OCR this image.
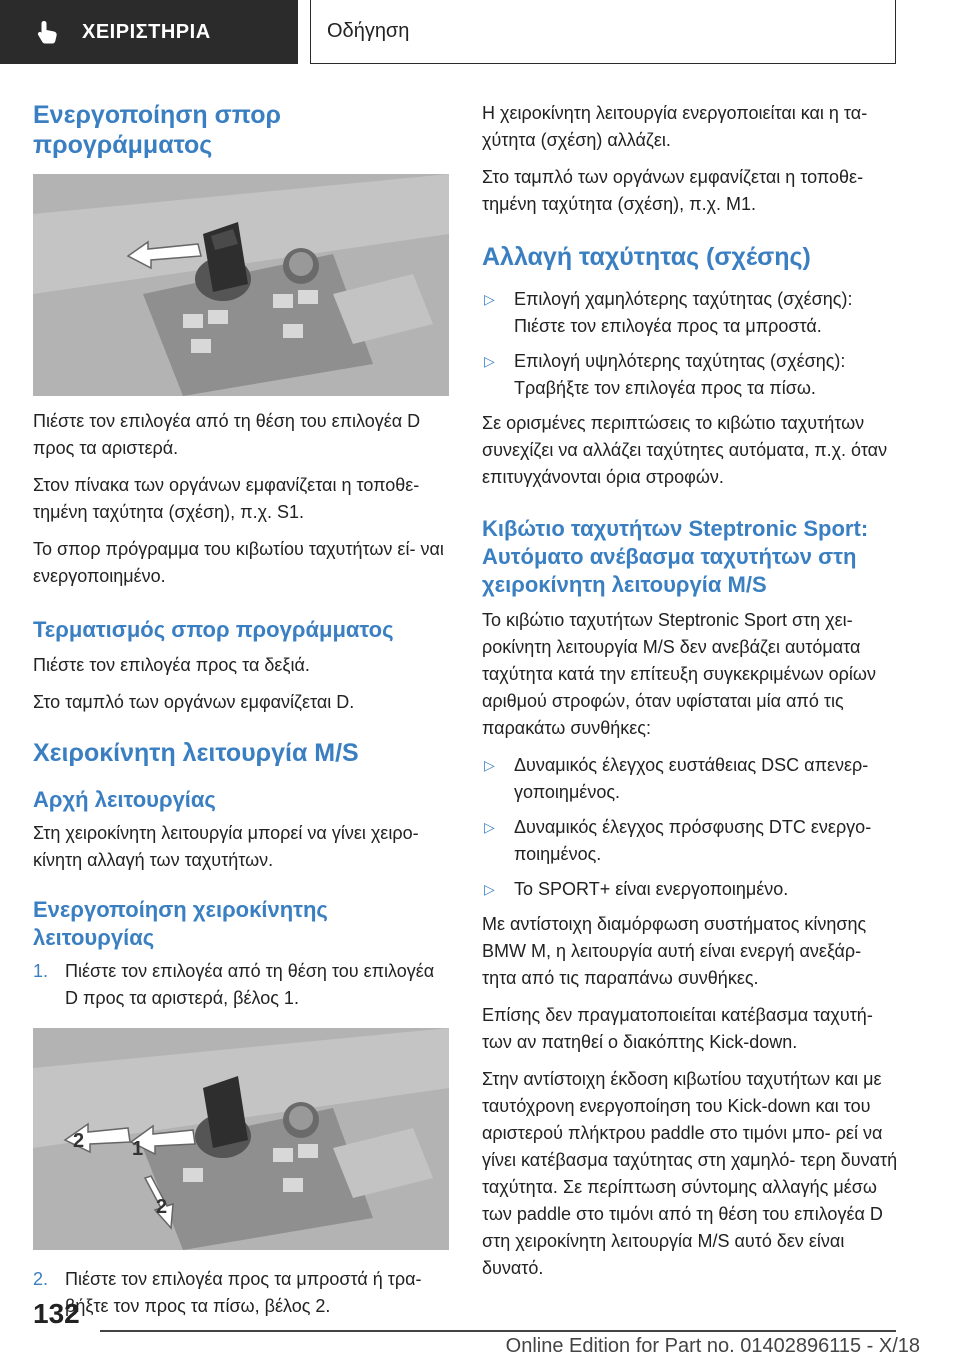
ΧΕΙΡΙΣΤΗΡΙΑ	Οδήγηση
Ενεργοποίηση σπορ προγράμματος

Πιέστε τον επιλογέα από τη θέση του επιλογέα D προς τα αριστερά.

Στον πίνακα των οργάνων εμφανίζεται η τοποθε- τημένη ταχύτητα (σχέση), π.χ. S1.

Το σπορ πρόγραμμα του κιβωτίου ταχυτήτων εί- ναι ενεργοποιημένο.

Τερματισμός σπορ προγράμματος

Πιέστε τον επιλογέα προς τα δεξιά.

Στο ταμπλό των οργάνων εμφανίζεται D.

Χειροκίνητη λειτουργία M/S
Αρχή λειτουργίας

Στη χειροκίνητη λειτουργία μπορεί να γίνει χειρο- κίνητη αλλαγή των ταχυτήτων.

Ενεργοποίηση χειροκίνητης λειτουργίας
1. Πιέστε τον επιλογέα από τη θέση του επιλογέα D προς τα αριστερά, βέλος 1.
1
2
2
2. Πιέστε τον επιλογέα προς τα μπροστά ή τρα- βήξτε τον προς τα πίσω, βέλος 2.

Η χειροκίνητη λειτουργία ενεργοποιείται και η τα- χύτητα (σχέση) αλλάζει.

Στο ταμπλό των οργάνων εμφανίζεται η τοποθε- τημένη ταχύτητα (σχέση), π.χ. M1.

Αλλαγή ταχύτητας (σχέσης)
▷ Επιλογή χαμηλότερης ταχύτητας (σχέσης): Πιέστε τον επιλογέα προς τα μπροστά.
▷ Επιλογή υψηλότερης ταχύτητας (σχέσης): Τραβήξτε τον επιλογέα προς τα πίσω.

Σε ορισμένες περιπτώσεις το κιβώτιο ταχυτήτων συνεχίζει να αλλάζει ταχύτητες αυτόματα, π.χ. όταν επιτυγχάνονται όρια στροφών.

Κιβώτιο ταχυτήτων Steptronic Sport: Αυτόματο ανέβασμα ταχυτήτων στη χειροκίνητη λειτουργία M/S

Το κιβώτιο ταχυτήτων Steptronic Sport στη χει- ροκίνητη λειτουργία M/S δεν ανεβάζει αυτόματα ταχύτητα κατά την επίτευξη συγκεκριμένων ορίων αριθμού στροφών, όταν υφίσταται μία από τις παρακάτω συνθήκες:

▷ Δυναμικός έλεγχος ευστάθειας DSC απενερ- γοποιημένος.
▷ Δυναμικός έλεγχος πρόσφυσης DTC ενεργο- ποιημένος.
▷ Το SPORT+ είναι ενεργοποιημένο.

Με αντίστοιχη διαμόρφωση συστήματος κίνησης BMW M, η λειτουργία αυτή είναι ενεργή ανεξάρ- τητα από τις παραπάνω συνθήκες.

Επίσης δεν πραγματοποιείται κατέβασμα ταχυτή- των αν πατηθεί ο διακόπτης Kick-down.

Στην αντίστοιχη έκδοση κιβωτίου ταχυτήτων και με ταυτόχρονη ενεργοποίηση του Kick-down και του αριστερού πλήκτρου paddle στο τιμόνι μπο- ρεί να γίνει κατέβασμα ταχύτητας στη χαμηλό- τερη δυνατή ταχύτητα. Σε περίπτωση σύντομης αλλαγής μέσω των paddle στο τιμόνι από τη θέση του επιλογέα D στη χειροκίνητη λειτουργία M/S αυτό δεν είναι δυνατό.

132
Online Edition for Part no. 01402896115 - X/18
